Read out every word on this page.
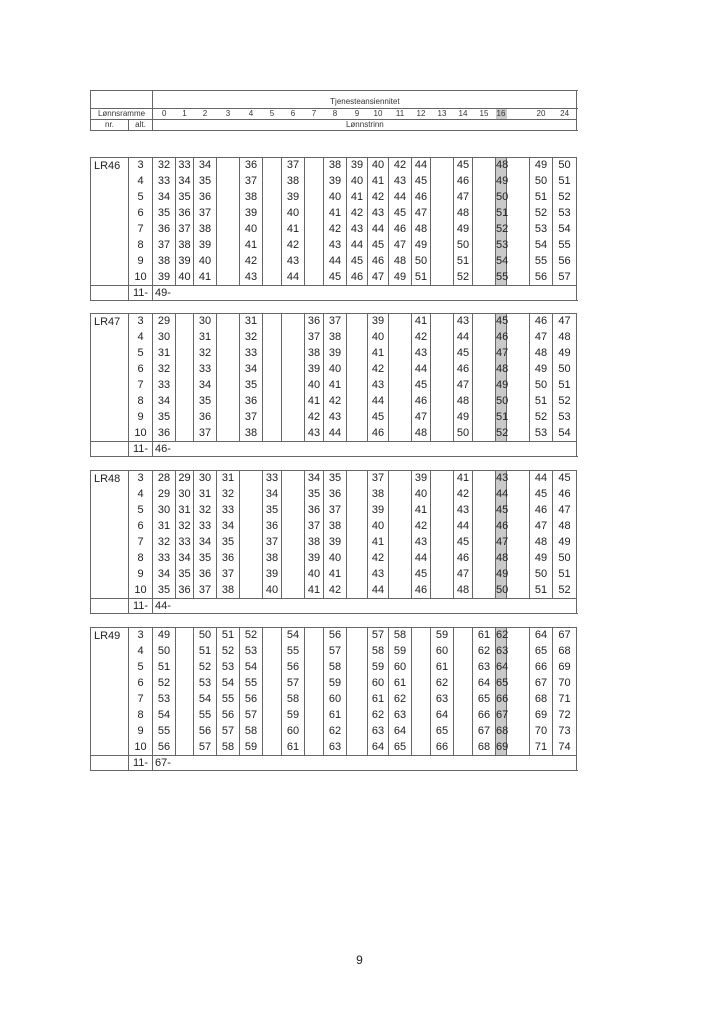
		Tjenesteansiennitet																				
Lønnsramme		0	1	2	3	4	5	6	7	8	9	10	11	12	13	14	15	16		20	24	
nr.	alt.	Lønnstrinn																				
LR46	3	32	33	34		36		37		38	39	40	42	44		45		48		49	50	
	4	33	34	35		37		38		39	40	41	43	45		46		49		50	51	
	5	34	35	36		38		39		40	41	42	44	46		47		50		51	52	
	6	35	36	37		39		40		41	42	43	45	47		48		51		52	53	
	7	36	37	38		40		41		42	43	44	46	48		49		52		53	54	
	8	37	38	39		41		42		43	44	45	47	49		50		53		54	55	
	9	38	39	40		42		43		44	45	46	48	50		51		54		55	56	
	10	39	40	41		43		44		45	46	47	49	51		52		55		56	57	
	11-	49-																				
LR47	3	29		30		31			36	37		39		41		43		45		46	47	
	4	30		31		32			37	38		40		42		44		46		47	48	
	5	31		32		33			38	39		41		43		45		47		48	49	
	6	32		33		34			39	40		42		44		46		48		49	50	
	7	33		34		35			40	41		43		45		47		49		50	51	
	8	34		35		36			41	42		44		46		48		50		51	52	
	9	35		36		37			42	43		45		47		49		51		52	53	
	10	36		37		38			43	44		46		48		50		52		53	54	
	11-	46-																				
LR48	3	28	29	30	31		33		34	35		37		39		41		43		44	45	
	4	29	30	31	32		34		35	36		38		40		42		44		45	46	
	5	30	31	32	33		35		36	37		39		41		43		45		46	47	
	6	31	32	33	34		36		37	38		40		42		44		46		47	48	
	7	32	33	34	35		37		38	39		41		43		45		47		48	49	
	8	33	34	35	36		38		39	40		42		44		46		48		49	50	
	9	34	35	36	37		39		40	41		43		45		47		49		50	51	
	10	35	36	37	38		40		41	42		44		46		48		50		51	52	
	11-	44-																				
LR49	3	49		50	51	52		54		56		57	58		59		61	62		64	67	
	4	50		51	52	53		55		57		58	59		60		62	63		65	68	
	5	51		52	53	54		56		58		59	60		61		63	64		66	69	
	6	52		53	54	55		57		59		60	61		62		64	65		67	70	
	7	53		54	55	56		58		60		61	62		63		65	66		68	71	
	8	54		55	56	57		59		61		62	63		64		66	67		69	72	
	9	55		56	57	58		60		62		63	64		65		67	68		70	73	
	10	56		57	58	59		61		63		64	65		66		68	69		71	74	
	11-	67-																				
9
